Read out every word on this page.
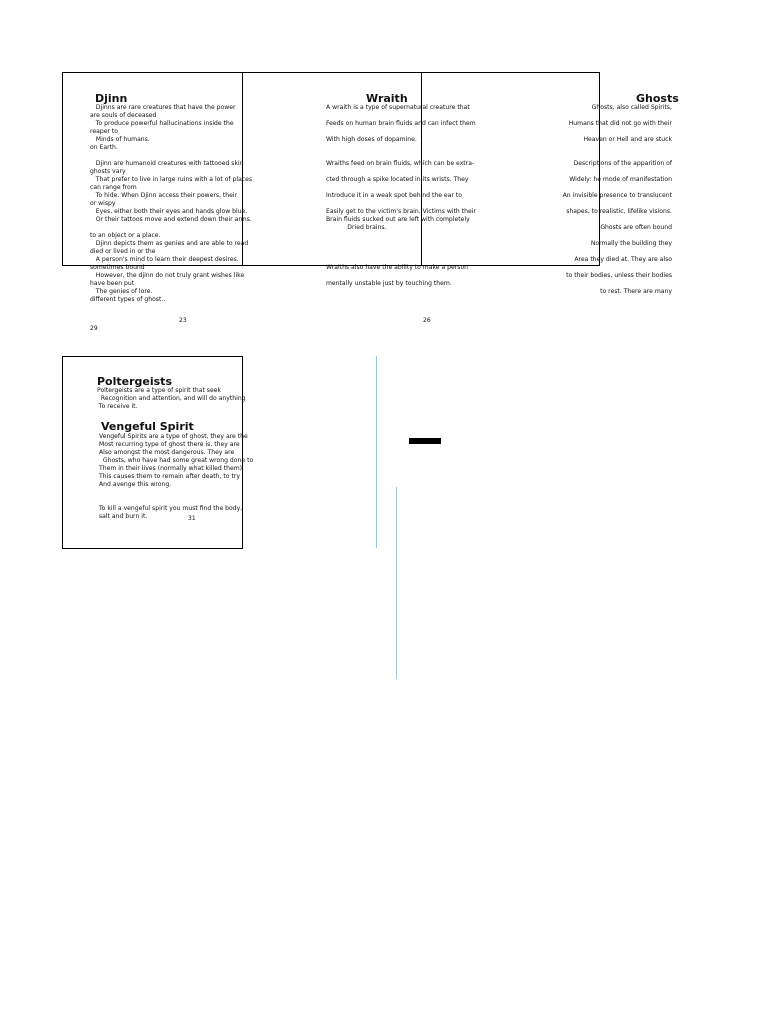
Djinn
Djinns are rare creatures that have the power
are souls of deceased
To produce powerful hallucinations inside the
reaper to
Minds of humans.
on Earth.

Djinn are humanoid creatures with tattooed skin
ghosts vary
That prefer to live in large ruins with a lot of places
can range from
To hide. When Djinn access their powers, their
or wispy
Eyes, either both their eyes and hands glow blue.
Or their tattoos move and extend down their arms.

to an object or a place.
Djinn depicts them as genies and are able to read
died or lived in or the
A person's mind to learn their deepest desires.
sometimes bound
However, the djinn do not truly grant wishes like
have been put
The genies of lore.
different types of ghost..
23
29
Wraith
A wraith is a type of supernatural creature that

Feeds on human brain fluids and can infect them

With high doses of dopamine.

Wraiths feed on brain fluids, which can be extra-

cted through a spike located in its wrists. They

Introduce it in a weak spot behind the ear to

Easily get to the victim's brain. Victims with their
Brain fluids sucked out are left with completely
Dried brains.

Wraiths also have the ability to make a person

mentally unstable just by touching them.
26
Ghosts
Ghosts, also called Spirits,

Humans that did not go with their

Heaven or Hell and are stuck

Descriptions of the apparition of

Widely: he mode of manifestation

An invisible presence to translucent

shapes, to realistic, lifelike visions.

Ghosts are often bound

Normally the building they

Area they died at. They are also

to their bodies, unless their bodies

to rest. There are many
Poltergeists
Poltergeists are a type of spirit that seek
Recognition and attention, and will do anything
To receive it.
Vengeful Spirit
Vengeful Spirits are a type of ghost, they are the
Most recurring type of ghost there is, they are
Also amongst the most dangerous. They are
Ghosts, who have had some great wrong done to
Them in their lives (normally what killed them).
This causes them to remain after death, to try
And avenge this wrong.

To kill a vengeful spirit you must find the body,
salt and burn it.	31
